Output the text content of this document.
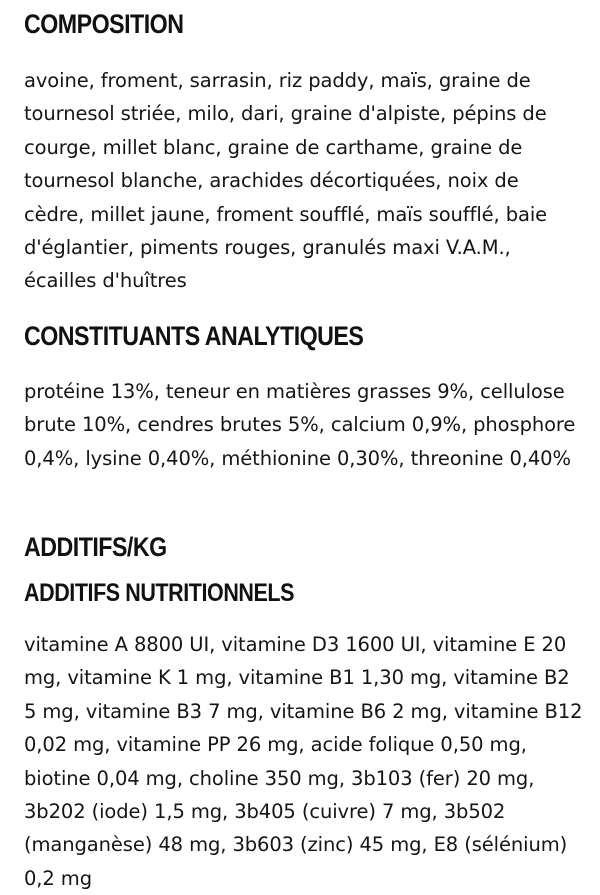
COMPOSITION

avoine, froment, sarrasin, riz paddy, maïs, graine de tournesol striée, milo, dari, graine d'alpiste, pépins de courge, millet blanc, graine de carthame, graine de tournesol blanche, arachides décortiquées, noix de cèdre, millet jaune, froment soufflé, maïs soufflé, baie d'églantier, piments rouges, granulés maxi V.A.M., écailles d'huîtres

CONSTITUANTS ANALYTIQUES

protéine 13%, teneur en matières grasses 9%, cellulose brute 10%, cendres brutes 5%, calcium 0,9%, phosphore 0,4%, lysine 0,40%, méthionine 0,30%, threonine 0,40%

ADDITIFS/KG
ADDITIFS NUTRITIONNELS

vitamine A 8800 UI, vitamine D3 1600 UI, vitamine E 20 mg, vitamine K 1 mg, vitamine B1 1,30 mg, vitamine B2 5 mg, vitamine B3 7 mg, vitamine B6 2 mg, vitamine B12 0,02 mg, vitamine PP 26 mg, acide folique 0,50 mg, biotine 0,04 mg, choline 350 mg, 3b103 (fer) 20 mg, 3b202 (iode) 1,5 mg, 3b405 (cuivre) 7 mg, 3b502 (manganèse) 48 mg, 3b603 (zinc) 45 mg, E8 (sélénium) 0,2 mg
